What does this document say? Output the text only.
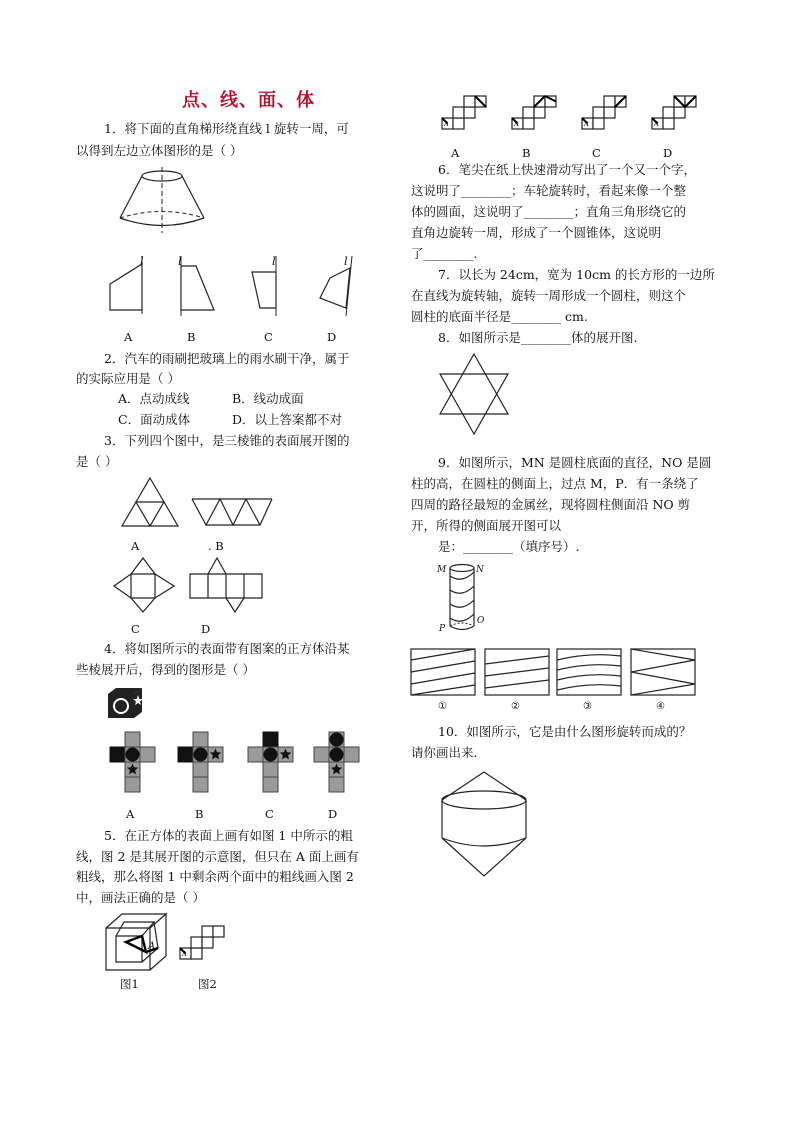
点、线、面、体
1．将下面的直角梯形绕直线 l 旋转一周，可
以得到左边立体图形的是（ ）
l	l	l	l
A	B	C	D
2．汽车的雨刷把玻璃上的雨水刷干净，属于
的实际应用是（ ）
A．点动成线	B．线动成面
C．面动成体	D．以上答案都不对
3．下列四个图中，是三棱锥的表面展开图的
是（ ）
A	. B
C	D
4．将如图所示的表面带有图案的正方体沿某
些棱展开后，得到的图形是（ ）
A	B	C	D
5．在正方体的表面上画有如图 1 中所示的粗
线，图 2 是其展开图的示意图，但只在 A 面上画有
粗线，那么将图 1 中剩余两个面中的粗线画入图 2
中，画法正确的是（ ）
A
A
图1	图2
A	A	A	A
A	B	C	D
6．笔尖在纸上快速滑动写出了一个又一个字，
这说明了________；车轮旋转时，看起来像一个整
体的圆面，这说明了________；直角三角形绕它的
直角边旋转一周，形成了一个圆锥体，这说明
了________.
7．以长为 24cm，宽为 10cm 的长方形的一边所
在直线为旋转轴，旋转一周形成一个圆柱，则这个
圆柱的底面半径是________ cm.
8．如图所示是________体的展开图.
9．如图所示，MN 是圆柱底面的直径，NO 是圆
柱的高，在圆柱的侧面上，过点 M，P．有一条绕了
四周的路径最短的金属丝，现将圆柱侧面沿 NO 剪
开，所得的侧面展开图可以
是：________（填序号）.
M	N
P
O
①	②	③	④
10．如图所示，它是由什么图形旋转而成的？
请你画出来.
